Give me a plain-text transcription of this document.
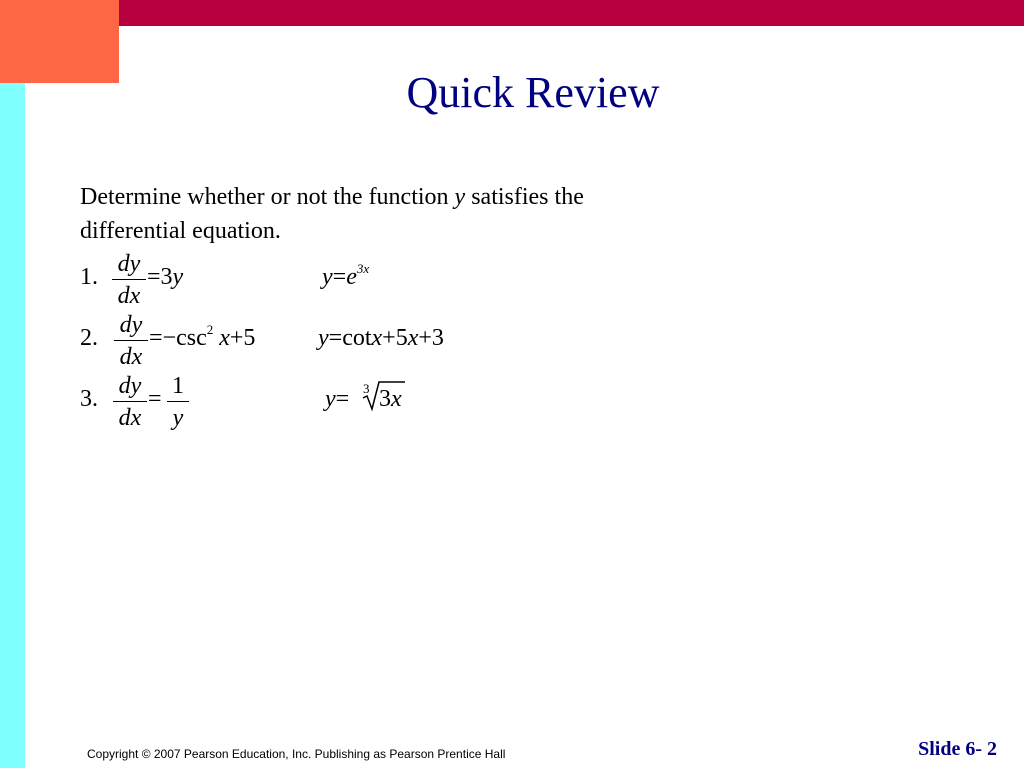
Quick Review
Determine whether or not the function y satisfies the differential equation.
1. dy
dx
=3y	$y=e^{3x}$
2. dy
dx
$=-\csc^2$ x+5	y=cotx+5x+3
3. dy
dx
= 1
y
y= 3 3x
Copyright © 2007 Pearson Education, Inc. Publishing as Pearson Prentice Hall	Slide 6- 2
